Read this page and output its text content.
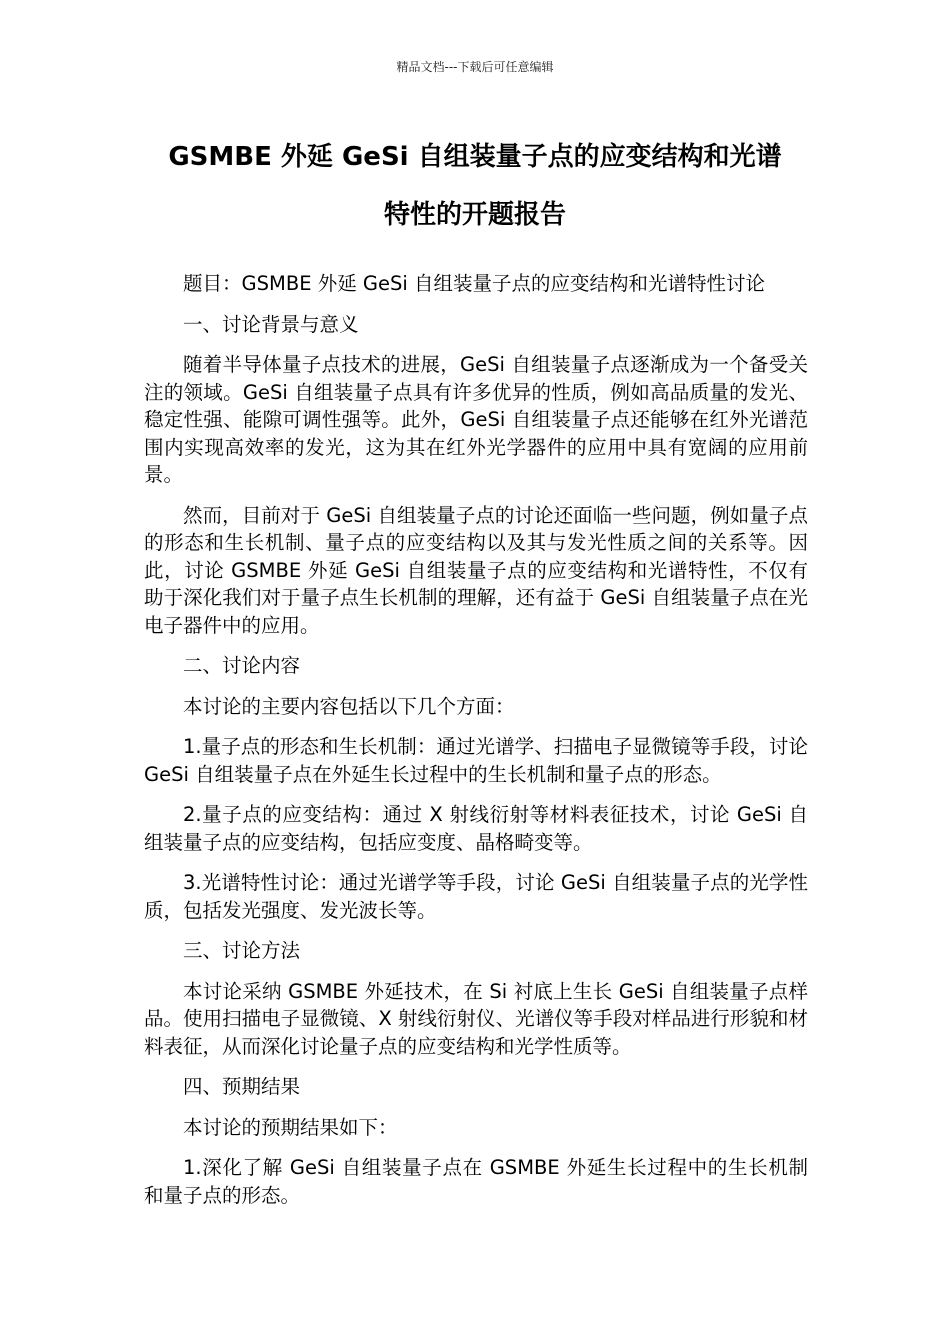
精品文档---下载后可任意编辑
GSMBE 外延 GeSi 自组装量子点的应变结构和光谱
特性的开题报告

题目：GSMBE 外延 GeSi 自组装量子点的应变结构和光谱特性讨论

一、讨论背景与意义

随着半导体量子点技术的进展，GeSi 自组装量子点逐渐成为一个备受关注的领域。GeSi 自组装量子点具有许多优异的性质，例如高品质量的发光、稳定性强、能隙可调性强等。此外，GeSi 自组装量子点还能够在红外光谱范围内实现高效率的发光，这为其在红外光学器件的应用中具有宽阔的应用前景。

然而，目前对于 GeSi 自组装量子点的讨论还面临一些问题，例如量子点的形态和生长机制、量子点的应变结构以及其与发光性质之间的关系等。因此，讨论 GSMBE 外延 GeSi 自组装量子点的应变结构和光谱特性，不仅有助于深化我们对于量子点生长机制的理解，还有益于 GeSi 自组装量子点在光电子器件中的应用。

二、讨论内容

本讨论的主要内容包括以下几个方面：

1.量子点的形态和生长机制：通过光谱学、扫描电子显微镜等手段，讨论 GeSi 自组装量子点在外延生长过程中的生长机制和量子点的形态。

2.量子点的应变结构：通过 X 射线衍射等材料表征技术，讨论 GeSi 自组装量子点的应变结构，包括应变度、晶格畸变等。

3.光谱特性讨论：通过光谱学等手段，讨论 GeSi 自组装量子点的光学性质，包括发光强度、发光波长等。

三、讨论方法

本讨论采纳 GSMBE 外延技术，在 Si 衬底上生长 GeSi 自组装量子点样品。使用扫描电子显微镜、X 射线衍射仪、光谱仪等手段对样品进行形貌和材料表征，从而深化讨论量子点的应变结构和光学性质等。

四、预期结果

本讨论的预期结果如下：

1.深化了解 GeSi 自组装量子点在 GSMBE 外延生长过程中的生长机制和量子点的形态。
